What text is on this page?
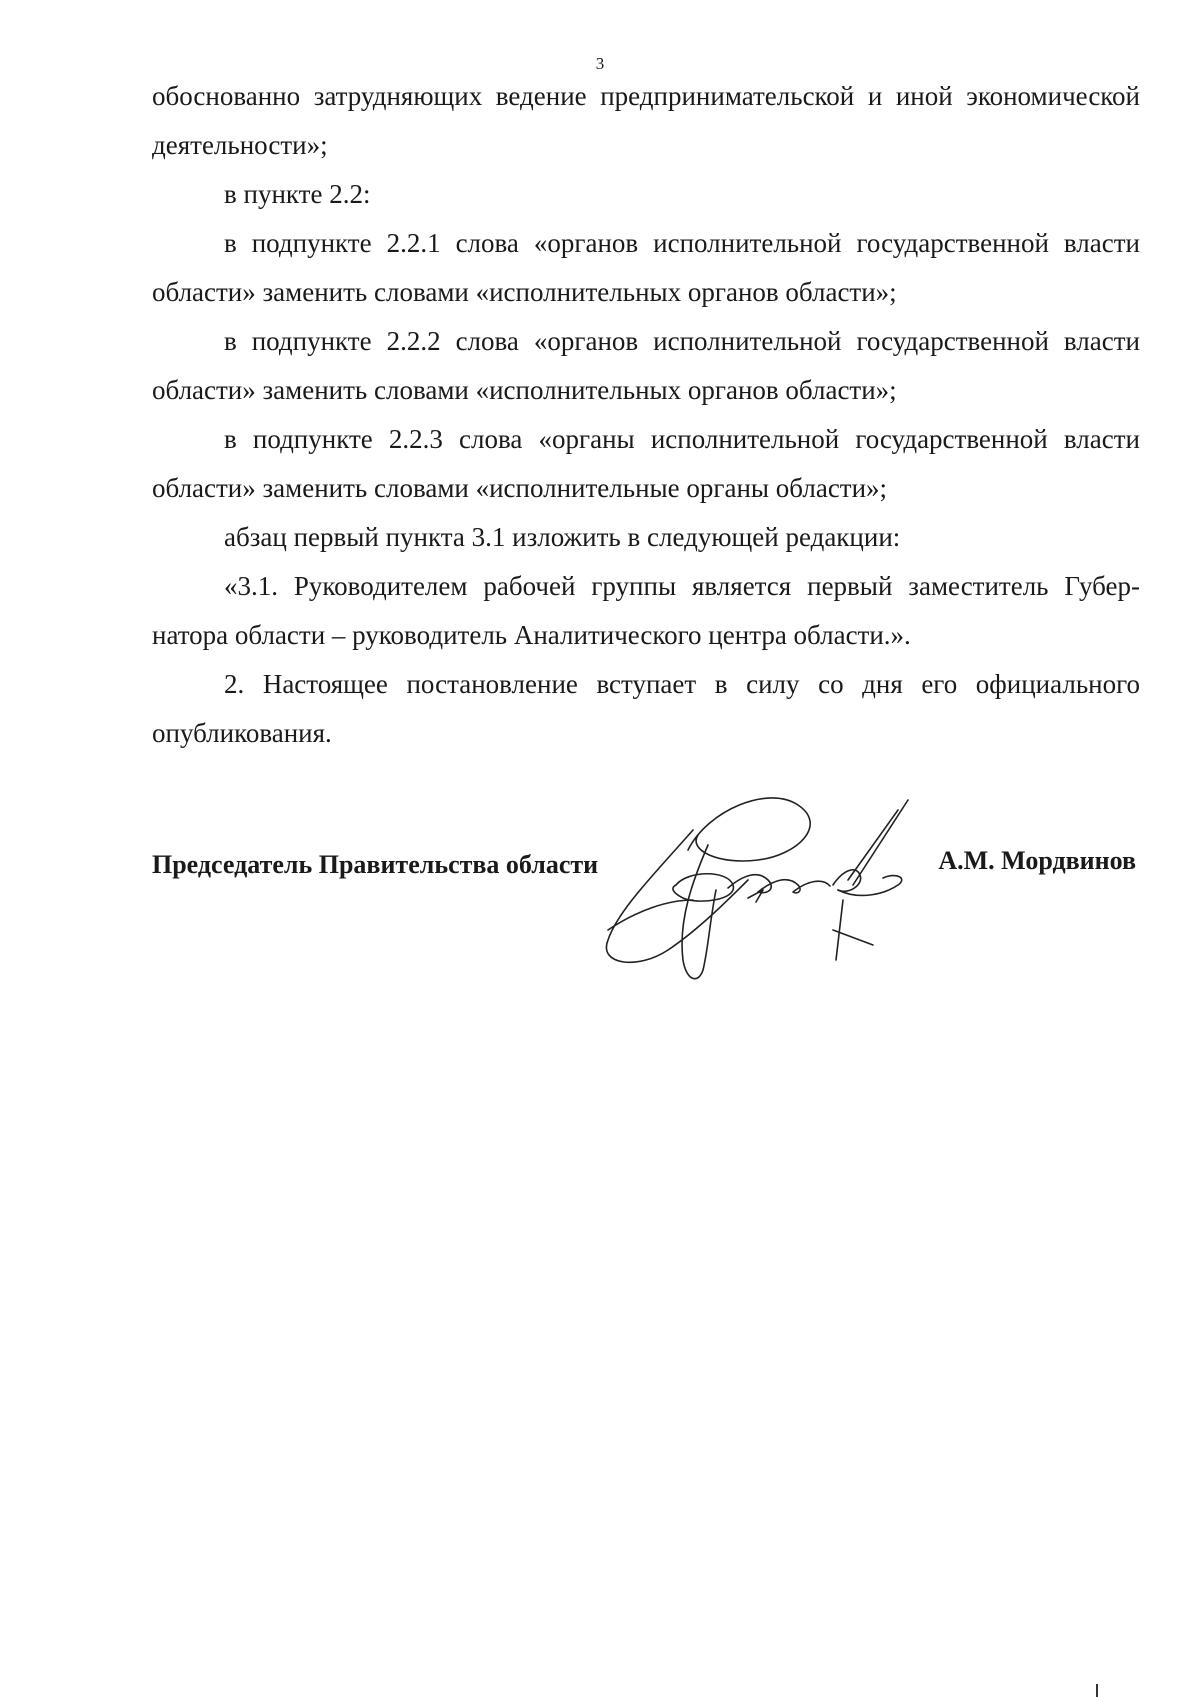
3

обоснованно затрудняющих ведение предпринимательской и иной экономической деятельности»;

в пункте 2.2:

в подпункте 2.2.1 слова «органов исполнительной государственной власти области» заменить словами «исполнительных органов области»;

в подпункте 2.2.2 слова «органов исполнительной государственной власти области» заменить словами «исполнительных органов области»;

в подпункте 2.2.3 слова «органы исполнительной государственной власти области» заменить словами «исполнительные органы области»;

абзац первый пункта 3.1 изложить в следующей редакции:

«3.1. Руководителем рабочей группы является первый заместитель Губернатора области – руководитель Аналитического центра области.».

2. Настоящее постановление вступает в силу со дня его официального опубликования.

Председатель Правительства области	А.М. Мордвинов
